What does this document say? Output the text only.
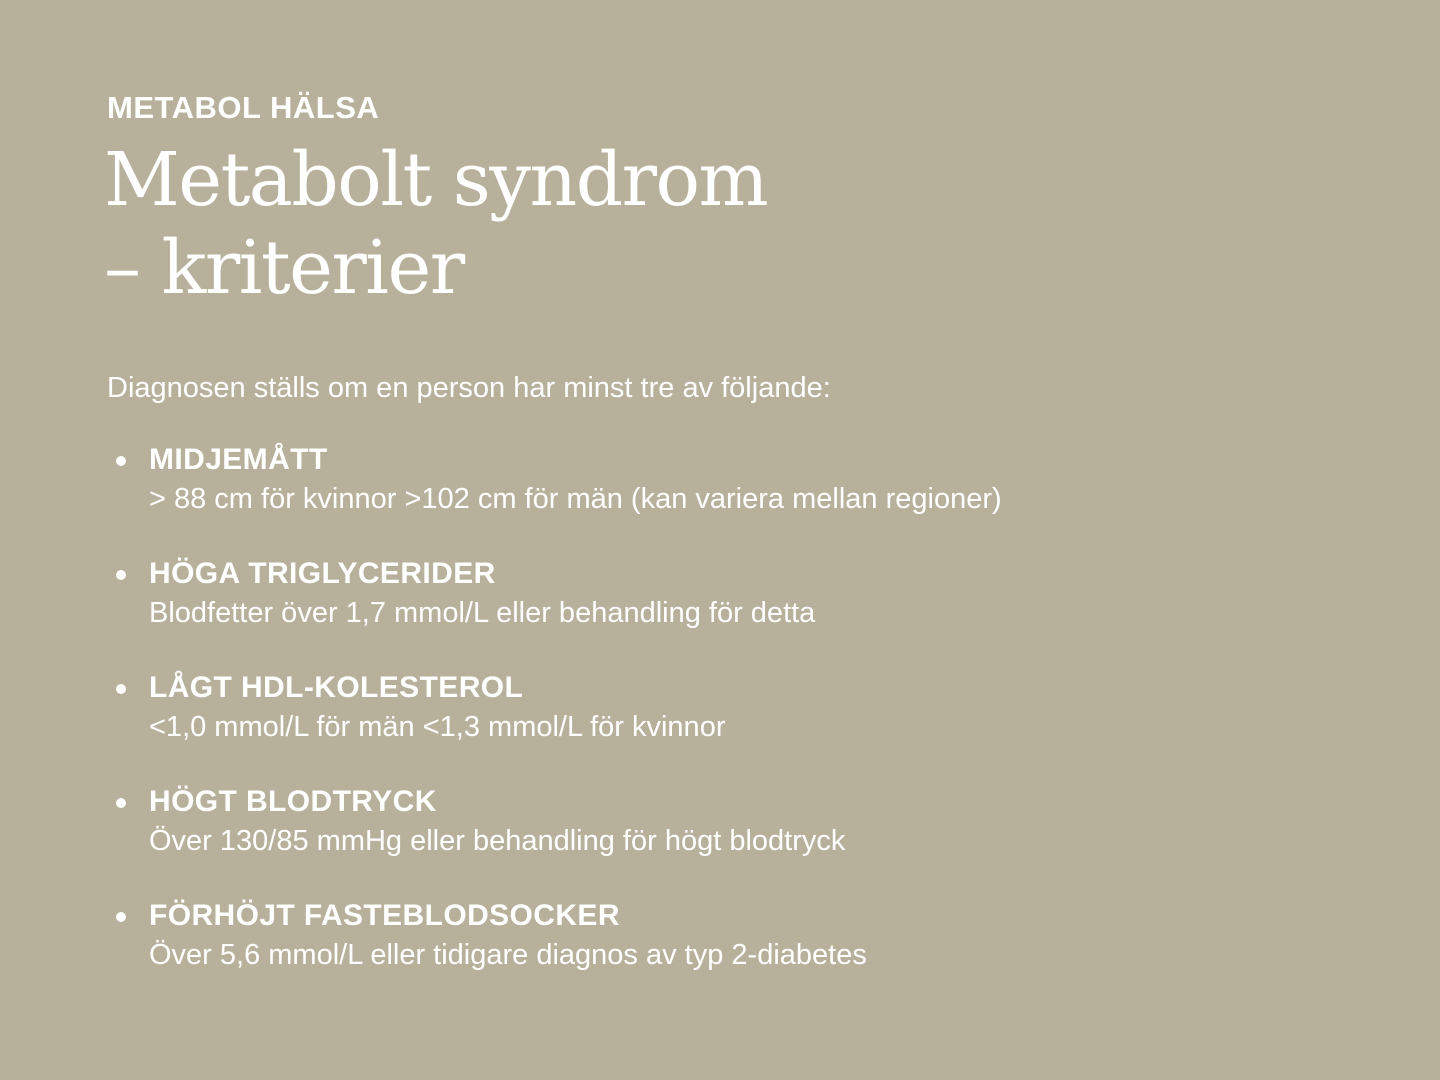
METABOL HÄLSA

Metabolt syndrom
– kriterier

Diagnosen ställs om en person har minst tre av följande:

MIDJEMÅTT
> 88 cm för kvinnor >102 cm för män (kan variera mellan regioner)
HÖGA TRIGLYCERIDER
Blodfetter över 1,7 mmol/L eller behandling för detta
LÅGT HDL-KOLESTEROL
<1,0 mmol/L för män <1,3 mmol/L för kvinnor
HÖGT BLODTRYCK
Över 130/85 mmHg eller behandling för högt blodtryck
FÖRHÖJT FASTEBLODSOCKER
Över 5,6 mmol/L eller tidigare diagnos av typ 2-diabetes
